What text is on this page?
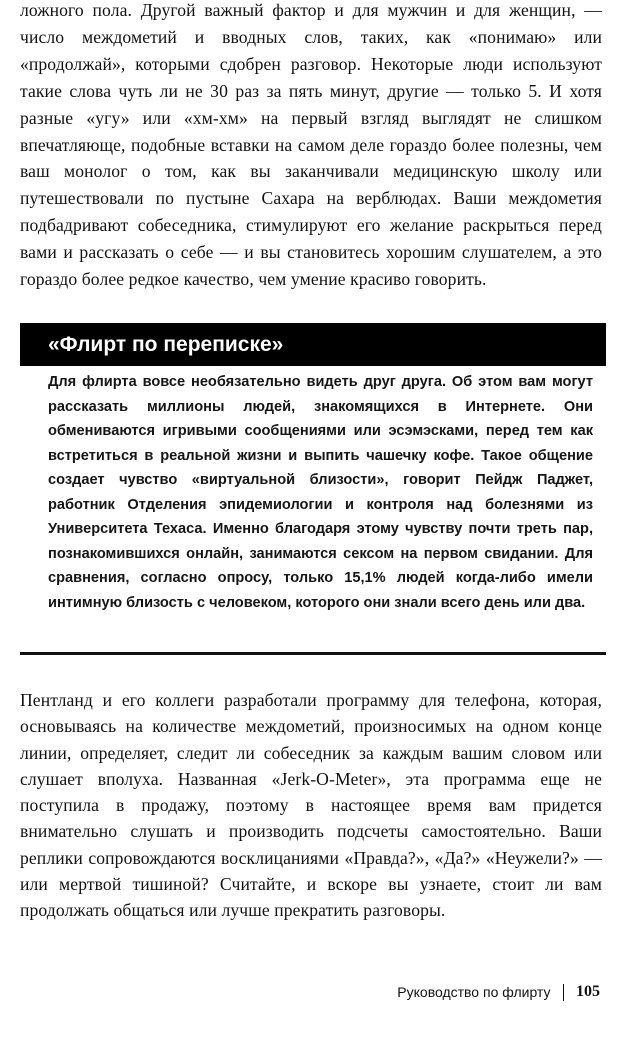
ложного пола. Другой важный фактор и для мужчин и для женщин, — число междометий и вводных слов, таких, как «понимаю» или «продолжай», которыми сдобрен разговор. Некоторые люди используют такие слова чуть ли не 30 раз за пять минут, другие — только 5. И хотя разные «угу» или «хм-хм» на первый взгляд выглядят не слишком впечатляюще, подобные вставки на самом деле гораздо более полезны, чем ваш монолог о том, как вы заканчивали медицинскую школу или путешествовали по пустыне Сахара на верблюдах. Ваши междометия подбадривают собеседника, стимулируют его желание раскрыться перед вами и рассказать о себе — и вы становитесь хорошим слушателем, а это гораздо более редкое качество, чем умение красиво говорить.

«Флирт по переписке»

Для флирта вовсе необязательно видеть друг друга. Об этом вам могут рассказать миллионы людей, знакомящихся в Интернете. Они обмениваются игривыми сообщениями или эсэмэсками, перед тем как встретиться в реальной жизни и выпить чашечку кофе. Такое общение создает чувство «виртуальной близости», говорит Пейдж Паджет, работник Отделения эпидемиологии и контроля над болезнями из Университета Техаса. Именно благодаря этому чувству почти треть пар, познакомившихся онлайн, занимаются сексом на первом свидании. Для сравнения, согласно опросу, только 15,1% людей когда-либо имели интимную близость с человеком, которого они знали всего день или два.

Пентланд и его коллеги разработали программу для телефона, которая, основываясь на количестве междометий, произносимых на одном конце линии, определяет, следит ли собеседник за каждым вашим словом или слушает вполуха. Названная «Jerk-O-Meter», эта программа еще не поступила в продажу, поэтому в настоящее время вам придется внимательно слушать и производить подсчеты самостоятельно. Ваши реплики сопровождаются восклицаниями «Правда?», «Да?» «Неужели?» — или мертвой тишиной? Считайте, и вскоре вы узнаете, стоит ли вам продолжать общаться или лучше прекратить разговоры.

Руководство по флирту 105
